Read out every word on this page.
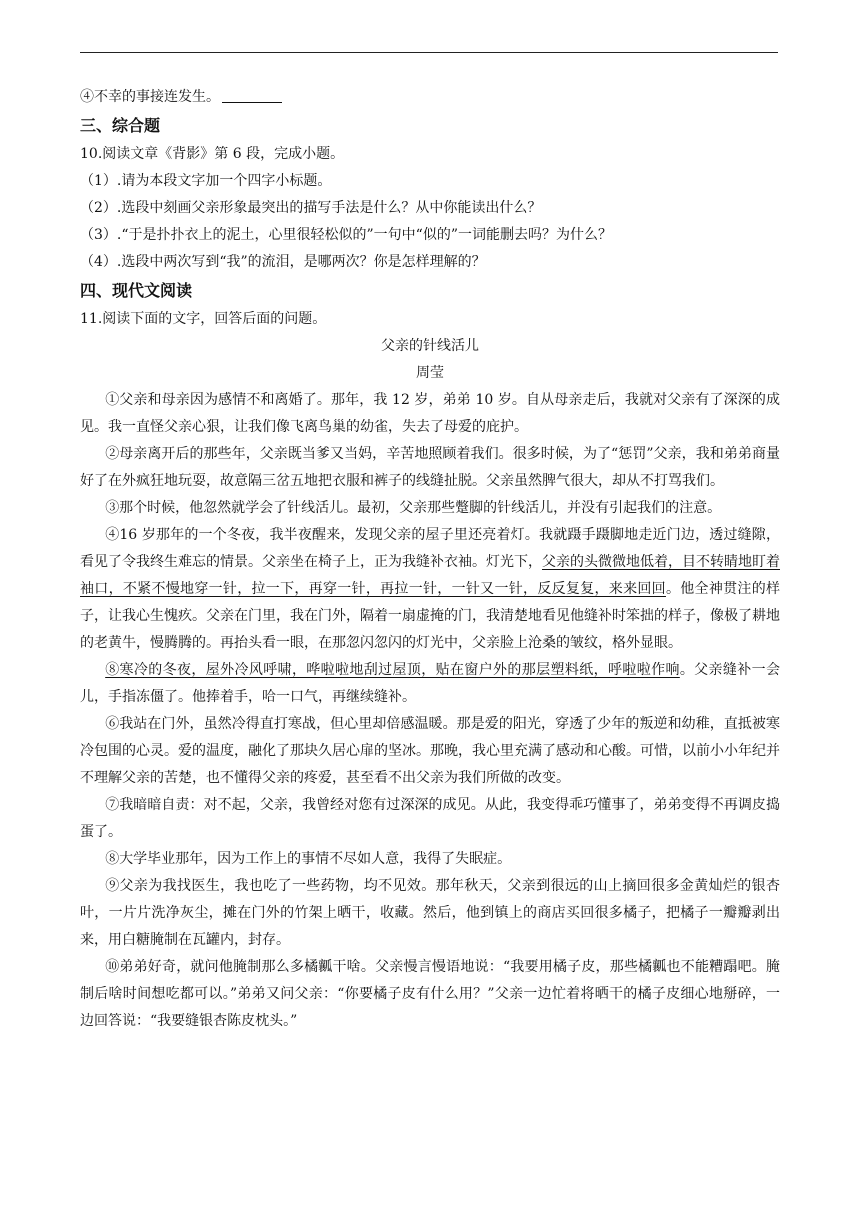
④不幸的事接连发生。

三、综合题

10.阅读文章《背影》第 6 段，完成小题。

（1）.请为本段文字加一个四字小标题。

（2）.选段中刻画父亲形象最突出的描写手法是什么？从中你能读出什么？

（3）.“于是扑扑衣上的泥土，心里很轻松似的”一句中“似的”一词能删去吗？为什么？

（4）.选段中两次写到“我”的流泪，是哪两次？你是怎样理解的？

四、现代文阅读

11.阅读下面的文字，回答后面的问题。

父亲的针线活儿

周莹

①父亲和母亲因为感情不和离婚了。那年，我 12 岁，弟弟 10 岁。自从母亲走后，我就对父亲有了深深的成见。我一直怪父亲心狠，让我们像飞离鸟巢的幼雀，失去了母爱的庇护。

②母亲离开后的那些年，父亲既当爹又当妈，辛苦地照顾着我们。很多时候，为了“惩罚”父亲，我和弟弟商量好了在外疯狂地玩耍，故意隔三岔五地把衣服和裤子的线缝扯脱。父亲虽然脾气很大，却从不打骂我们。

③那个时候，他忽然就学会了针线活儿。最初，父亲那些蹩脚的针线活儿，并没有引起我们的注意。

④16 岁那年的一个冬夜，我半夜醒来，发现父亲的屋子里还亮着灯。我就蹑手蹑脚地走近门边，透过缝隙，看见了令我终生难忘的情景。父亲坐在椅子上，正为我缝补衣袖。灯光下，父亲的头微微地低着，目不转睛地盯着袖口，不紧不慢地穿一针，拉一下，再穿一针，再拉一针，一针又一针，反反复复，来来回回。他全神贯注的样子，让我心生愧疚。父亲在门里，我在门外，隔着一扇虚掩的门，我清楚地看见他缝补时笨拙的样子，像极了耕地的老黄牛，慢腾腾的。再抬头看一眼，在那忽闪忽闪的灯光中，父亲脸上沧桑的皱纹，格外显眼。

⑧寒冷的冬夜，屋外冷风呼啸，哗啦啦地刮过屋顶，贴在窗户外的那层塑料纸，呼啦啦作响。父亲缝补一会儿，手指冻僵了。他捧着手，哈一口气，再继续缝补。

⑥我站在门外，虽然冷得直打寒战，但心里却倍感温暖。那是爱的阳光，穿透了少年的叛逆和幼稚，直抵被寒冷包围的心灵。爱的温度，融化了那块久居心扉的坚冰。那晚，我心里充满了感动和心酸。可惜，以前小小年纪并不理解父亲的苦楚，也不懂得父亲的疼爱，甚至看不出父亲为我们所做的改变。

⑦我暗暗自责：对不起，父亲，我曾经对您有过深深的成见。从此，我变得乖巧懂事了，弟弟变得不再调皮捣蛋了。

⑧大学毕业那年，因为工作上的事情不尽如人意，我得了失眠症。

⑨父亲为我找医生，我也吃了一些药物，均不见效。那年秋天，父亲到很远的山上摘回很多金黄灿烂的银杏叶，一片片洗净灰尘，摊在门外的竹架上晒干，收藏。然后，他到镇上的商店买回很多橘子，把橘子一瓣瓣剥出来，用白糖腌制在瓦罐内，封存。

⑩弟弟好奇，就问他腌制那么多橘瓤干啥。父亲慢言慢语地说：“我要用橘子皮，那些橘瓤也不能糟蹋吧。腌制后啥时间想吃都可以。”弟弟又问父亲：“你要橘子皮有什么用？”父亲一边忙着将晒干的橘子皮细心地掰碎，一边回答说：“我要缝银杏陈皮枕头。”
